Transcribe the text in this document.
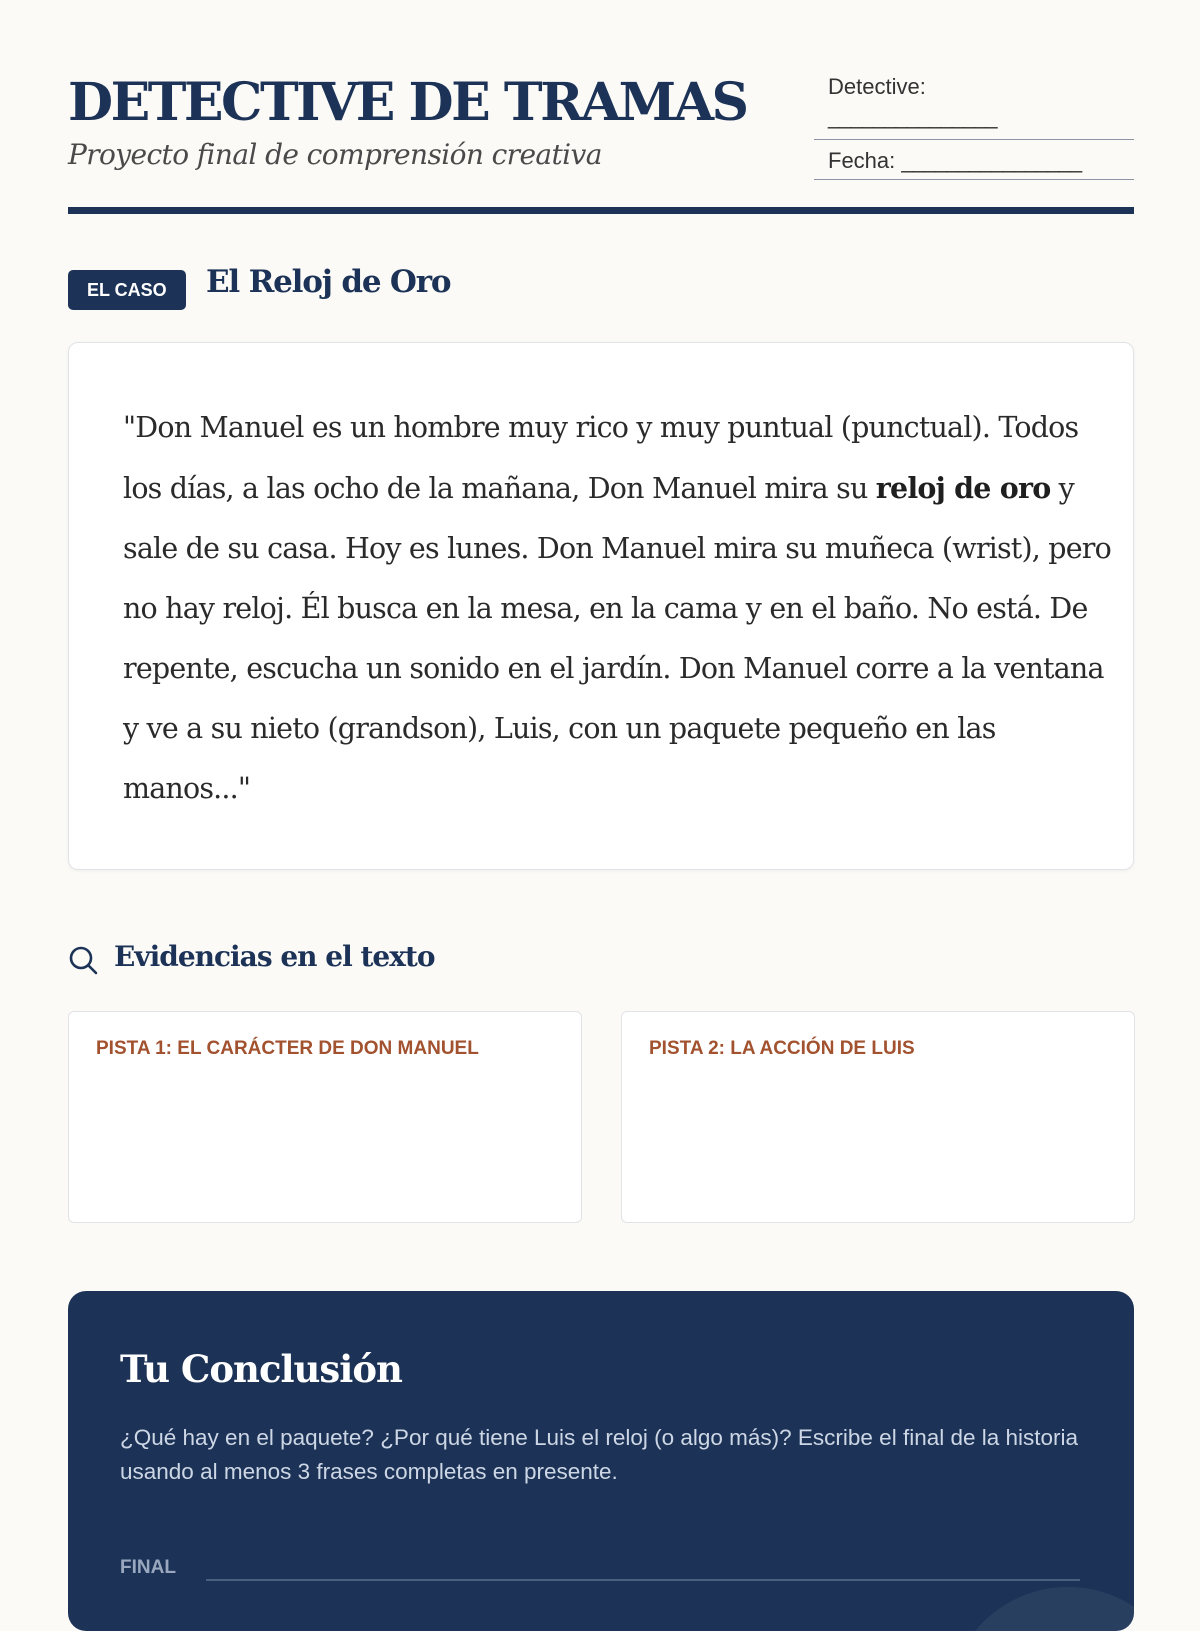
DETECTIVE DE TRAMAS
Proyecto final de comprensión creativa
Detective:
_______________
Fecha: ________________
EL CASO El Reloj de Oro

"Don Manuel es un hombre muy rico y muy puntual (punctual). Todos los días, a las ocho de la mañana, Don Manuel mira su reloj de oro y sale de su casa. Hoy es lunes. Don Manuel mira su muñeca (wrist), pero no hay reloj. Él busca en la mesa, en la cama y en el baño. No está. De repente, escucha un sonido en el jardín. Don Manuel corre a la ventana y ve a su nieto (grandson), Luis, con un paquete pequeño en las manos..."

Evidencias en el texto
PISTA 1: EL CARÁCTER DE DON MANUEL	PISTA 2: LA ACCIÓN DE LUIS
Tu Conclusión

¿Qué hay en el paquete? ¿Por qué tiene Luis el reloj (o algo más)? Escribe el final de la historia usando al menos 3 frases completas en presente.

FINAL
